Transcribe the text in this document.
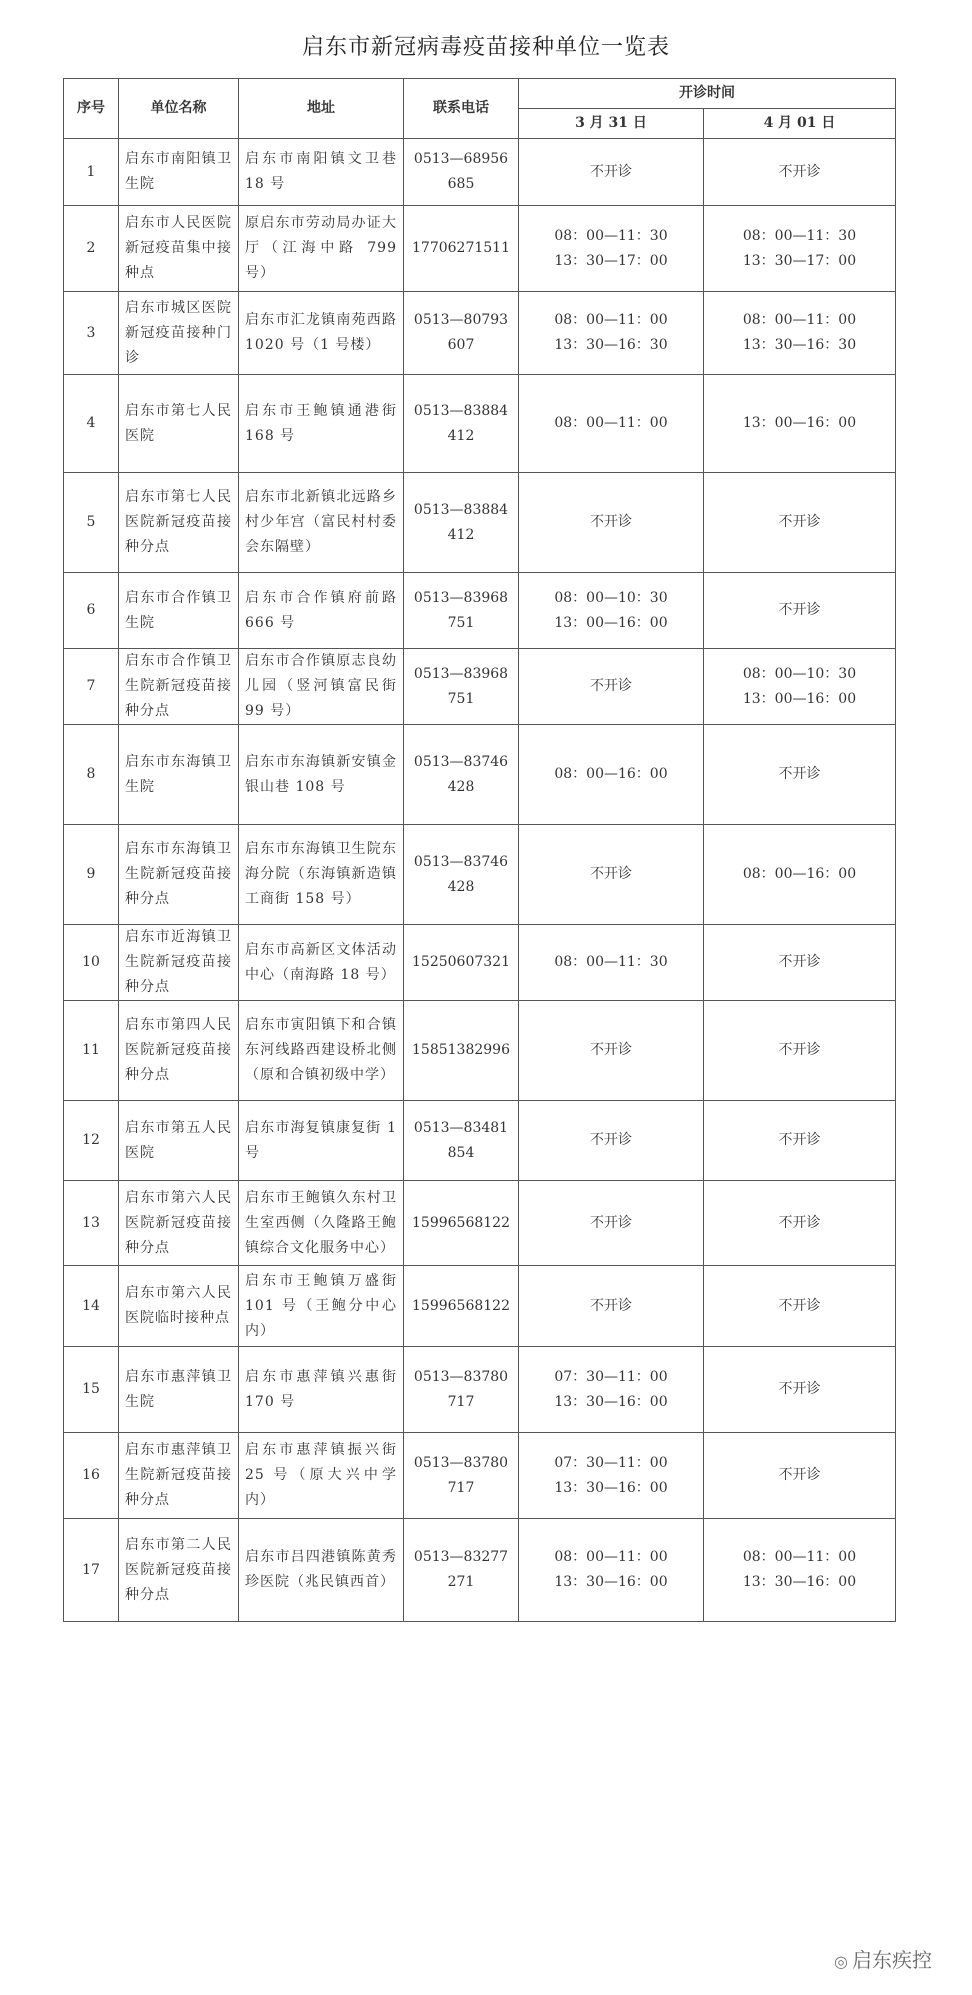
启东市新冠病毒疫苗接种单位一览表
序号	单位名称	地址	联系电话	开诊时间	
				3 月 31 日	4 月 01 日
1	启东市南阳镇卫生院	启东市南阳镇文卫巷 18 号	0513—68956685	不开诊	不开诊
2	启东市人民医院新冠疫苗集中接种点	原启东市劳动局办证大厅（江海中路 799 号）	17706271511	08：00—11：30
13：30—17：00	08：00—11：30
13：30—17：00
3	启东市城区医院新冠疫苗接种门诊	启东市汇龙镇南苑西路 1020 号（1 号楼）	0513—80793607	08：00—11：00
13：30—16：30	08：00—11：00
13：30—16：30
4	启东市第七人民医院	启东市王鲍镇通港街 168 号	0513—83884412	08：00—11：00	13：00—16：00
5	启东市第七人民医院新冠疫苗接种分点	启东市北新镇北远路乡村少年宫（富民村村委会东隔壁）	0513—83884412	不开诊	不开诊
6	启东市合作镇卫生院	启东市合作镇府前路 666 号	0513—83968751	08：00—10：30
13：00—16：00	不开诊
7	启东市合作镇卫生院新冠疫苗接种分点	启东市合作镇原志良幼儿园（竖河镇富民街 99 号）	0513—83968751	不开诊	08：00—10：30
13：00—16：00
8	启东市东海镇卫生院	启东市东海镇新安镇金银山巷 108 号	0513—83746428	08：00—16：00	不开诊
9	启东市东海镇卫生院新冠疫苗接种分点	启东市东海镇卫生院东海分院（东海镇新造镇工商街 158 号）	0513—83746428	不开诊	08：00—16：00
10	启东市近海镇卫生院新冠疫苗接种分点	启东市高新区文体活动中心（南海路 18 号）	15250607321	08：00—11：30	不开诊
11	启东市第四人民医院新冠疫苗接种分点	启东市寅阳镇下和合镇东河线路西建设桥北侧（原和合镇初级中学）	15851382996	不开诊	不开诊
12	启东市第五人民医院	启东市海复镇康复街 1 号	0513—83481854	不开诊	不开诊
13	启东市第六人民医院新冠疫苗接种分点	启东市王鲍镇久东村卫生室西侧（久隆路王鲍镇综合文化服务中心）	15996568122	不开诊	不开诊
14	启东市第六人民医院临时接种点	启东市王鲍镇万盛街 101 号（王鲍分中心内）	15996568122	不开诊	不开诊
15	启东市惠萍镇卫生院	启东市惠萍镇兴惠街 170 号	0513—83780717	07：30—11：00
13：30—16：00	不开诊
16	启东市惠萍镇卫生院新冠疫苗接种分点	启东市惠萍镇振兴街 25 号（原大兴中学内）	0513—83780717	07：30—11：00
13：30—16：00	不开诊
17	启东市第二人民医院新冠疫苗接种分点	启东市吕四港镇陈黄秀珍医院（兆民镇西首）	0513—83277271	08：00—11：00
13：30—16：00	08：00—11：00
13：30—16：00
◎ 启东疾控
